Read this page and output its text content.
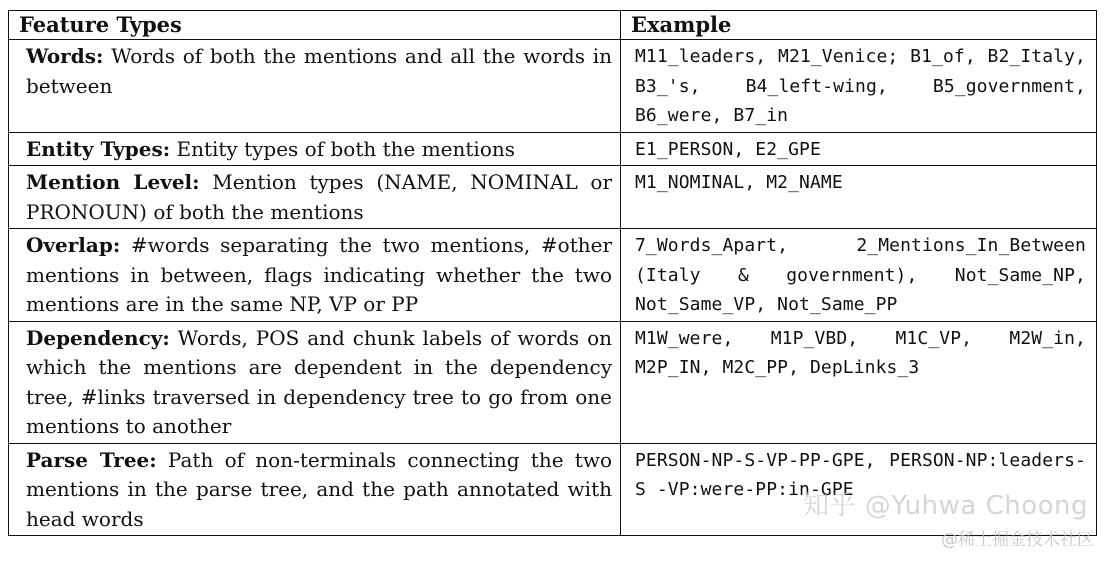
Feature Types	Example
Words: Words of both the mentions and all the words in between	M11_leaders, M21_Venice; B1_of, B2_Italy, B3_'s, B4_left-wing, B5_government, B6_were, B7_in
Entity Types: Entity types of both the mentions	E1_PERSON, E2_GPE
Mention Level: Mention types (NAME, NOMINAL or PRONOUN) of both the mentions	M1_NOMINAL, M2_NAME
Overlap: #words separating the two mentions, #other mentions in between, flags indicating whether the two mentions are in the same NP, VP or PP	7_Words_Apart, 2_Mentions_In_Between (Italy & government), Not_Same_NP, Not_Same_VP, Not_Same_PP
Dependency: Words, POS and chunk labels of words on which the mentions are dependent in the dependency tree, #links traversed in dependency tree to go from one mentions to another	M1W_were, M1P_VBD, M1C_VP, M2W_in, M2P_IN, M2C_PP, DepLinks_3
Parse Tree: Path of non-terminals connecting the two mentions in the parse tree, and the path annotated with head words	PERSON-NP-S-VP-PP-GPE, PERSON-NP:leaders-S -VP:were-PP:in-GPE
知乎 @Yuhwa Choong
@稀土掘金技术社区
